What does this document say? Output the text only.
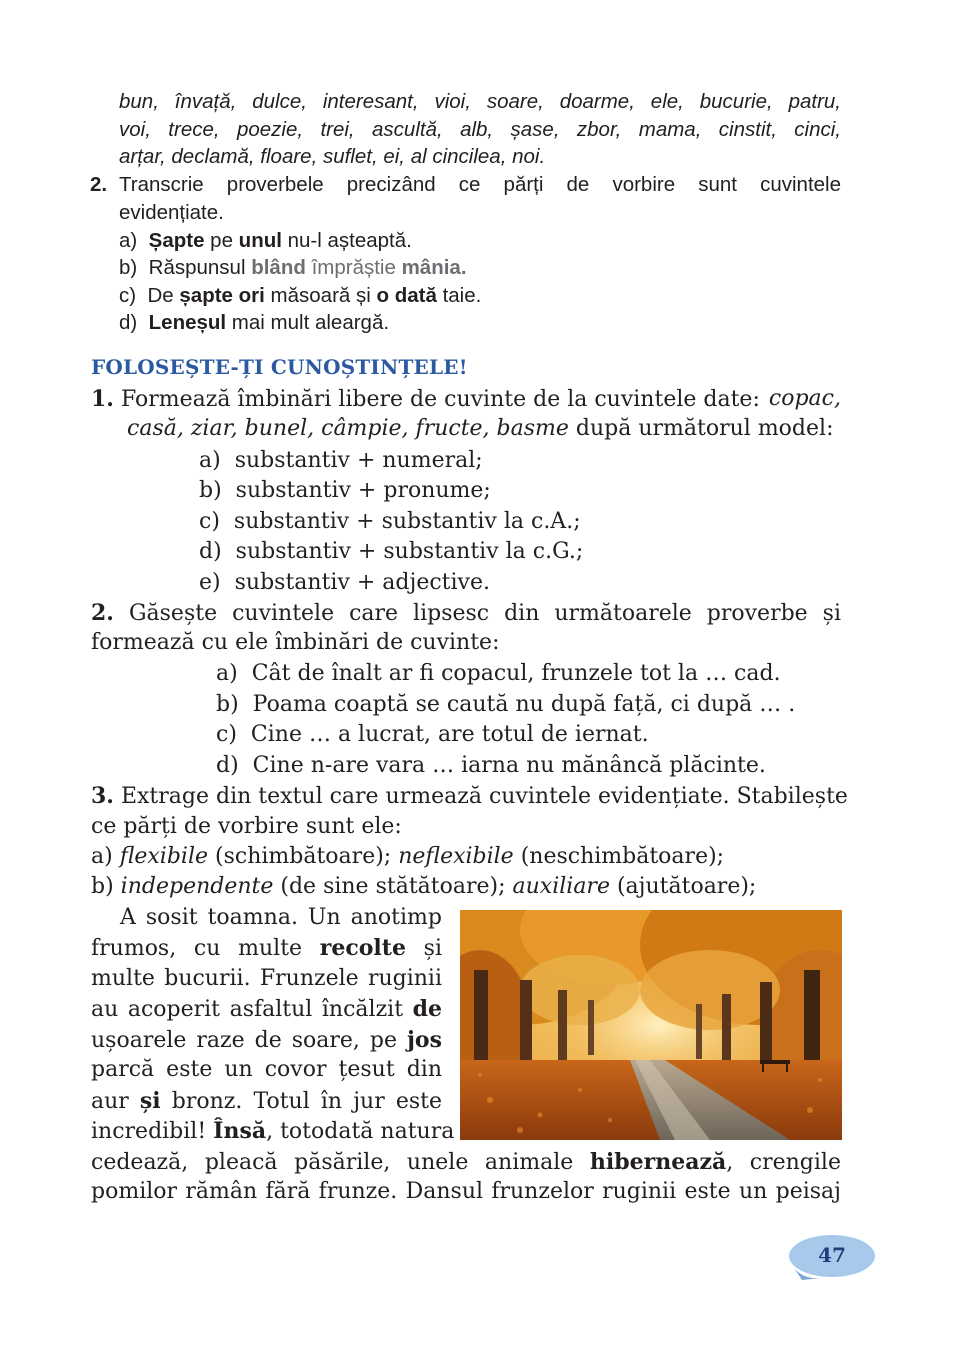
bun, învață, dulce, interesant, vioi, soare, doarme, ele, bucurie, patru,
voi, trece, poezie, trei, ascultă, alb, șase, zbor, mama, cinstit, cinci,
arțar, declamă, floare, suflet, ei, al cincilea, noi.
2. Transcrie proverbele precizând ce părți de vorbire sunt cuvintele
evidențiate.
a) Șapte pe unul nu-l așteaptă.
b) Răspunsul blând împrăștie mânia.
c) De șapte ori măsoară și o dată taie.
d) Leneșul mai mult aleargă.
FOLOSEȘTE-ȚI CUNOȘTINȚELE!
1. Formează îmbinări libere de cuvinte de la cuvintele date: copac,
casă, ziar, bunel, câmpie, fructe, basme după următorul model:
a) substantiv + numeral;
b) substantiv + pronume;
c) substantiv + substantiv la c.A.;
d) substantiv + substantiv la c.G.;
e) substantiv + adjective.
2. Găsește cuvintele care lipsesc din următoarele proverbe și
formează cu ele îmbinări de cuvinte:
a) Cât de înalt ar fi copacul, frunzele tot la … cad.
b) Poama coaptă se caută nu după față, ci după … .
c) Cine … a lucrat, are totul de iernat.
d) Cine n-are vara … iarna nu mănâncă plăcinte.
3. Extrage din textul care urmează cuvintele evidențiate. Stabilește
ce părți de vorbire sunt ele:
a) flexibile (schimbătoare); neflexibile (neschimbătoare);
b) independente (de sine stătătoare); auxiliare (ajutătoare);
A sosit toamna. Un anotimp
frumos, cu multe recolte și
multe bucurii. Frunzele ruginii
au acoperit asfaltul încălzit de
ușoarele raze de soare, pe jos
parcă este un covor țesut din
aur și bronz. Totul în jur este
incredibil! Însă, totodată natura
cedează, pleacă păsările, unele animale hibernează, crengile
pomilor rămân fără frunze. Dansul frunzelor ruginii este un peisaj
47
